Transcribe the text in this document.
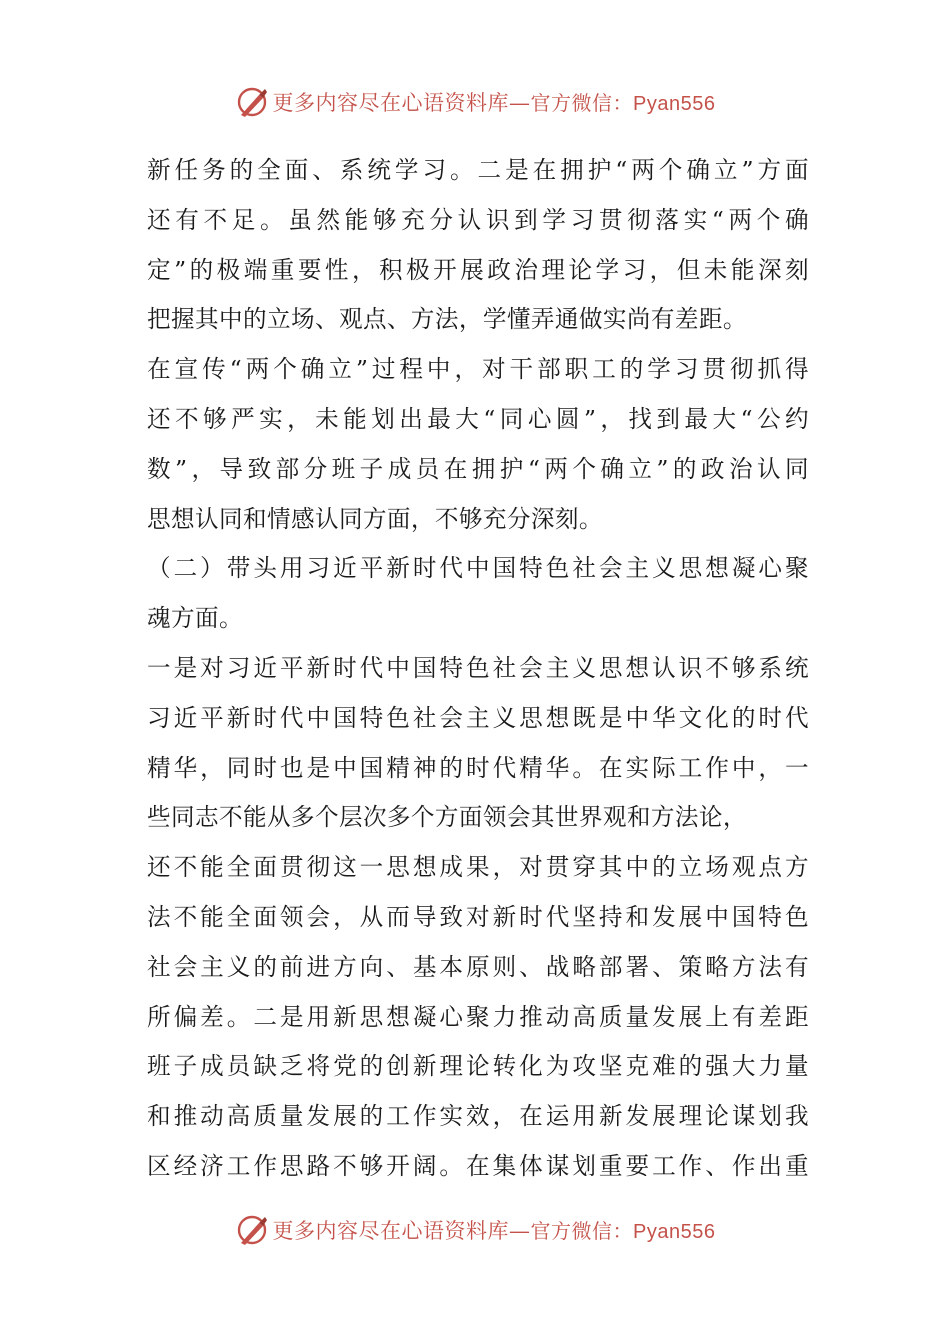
更多内容尽在心语资料库—官方微信：Pyan556
新任务的全面、系统学习。二是在拥护“两个确立”方面
还有不足。虽然能够充分认识到学习贯彻落实“两个确
定”的极端重要性，积极开展政治理论学习，但未能深刻
把握其中的立场、观点、方法，学懂弄通做实尚有差距。
在宣传“两个确立”过程中，对干部职工的学习贯彻抓得
还不够严实，未能划出最大“同心圆”，找到最大“公约
数”，导致部分班子成员在拥护“两个确立”的政治认同
思想认同和情感认同方面，不够充分深刻。
（二）带头用习近平新时代中国特色社会主义思想凝心聚
魂方面。
一是对习近平新时代中国特色社会主义思想认识不够系统
习近平新时代中国特色社会主义思想既是中华文化的时代
精华，同时也是中国精神的时代精华。在实际工作中，一
些同志不能从多个层次多个方面领会其世界观和方法论，
还不能全面贯彻这一思想成果，对贯穿其中的立场观点方
法不能全面领会，从而导致对新时代坚持和发展中国特色
社会主义的前进方向、基本原则、战略部署、策略方法有
所偏差。二是用新思想凝心聚力推动高质量发展上有差距
班子成员缺乏将党的创新理论转化为攻坚克难的强大力量
和推动高质量发展的工作实效，在运用新发展理论谋划我
区经济工作思路不够开阔。在集体谋划重要工作、作出重
更多内容尽在心语资料库—官方微信：Pyan556
